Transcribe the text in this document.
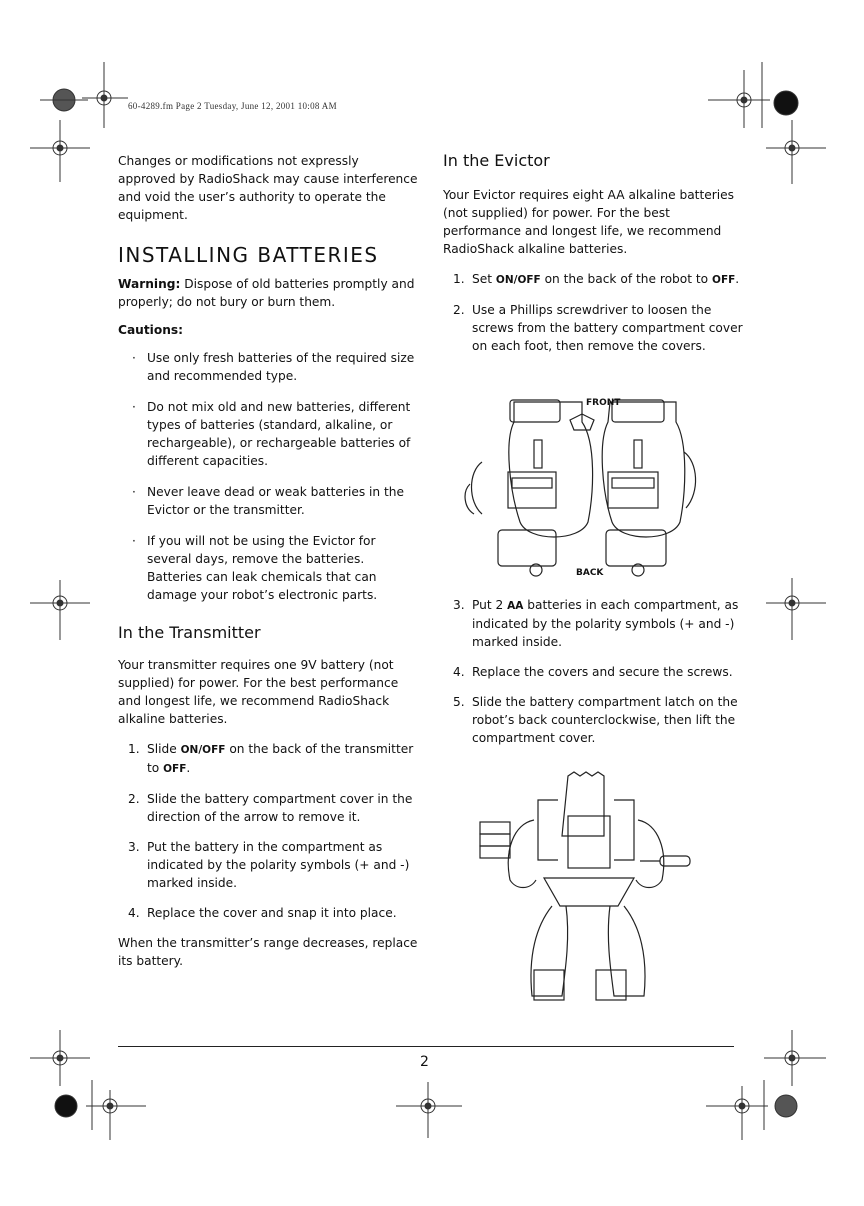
60-4289.fm Page 2 Tuesday, June 12, 2001 10:08 AM

Changes or modifications not expressly approved by RadioShack may cause interference and void the user’s authority to operate the equipment.

INSTALLING BATTERIES

Warning: Dispose of old batteries promptly and properly; do not bury or burn them.

Cautions:

· Use only fresh batteries of the required size and recommended type.
· Do not mix old and new batteries, different types of batteries (standard, alkaline, or rechargeable), or rechargeable batteries of different capacities.
· Never leave dead or weak batteries in the Evictor or the transmitter.
· If you will not be using the Evictor for several days, remove the batteries. Batteries can leak chemicals that can damage your robot’s electronic parts.
In the Transmitter

Your transmitter requires one 9V battery (not supplied) for power. For the best performance and longest life, we recommend RadioShack alkaline batteries.

1. Slide ON/OFF on the back of the transmitter to OFF.
2. Slide the battery compartment cover in the direction of the arrow to remove it.
3. Put the battery in the compartment as indicated by the polarity symbols (+ and -) marked inside.
4. Replace the cover and snap it into place.

When the transmitter’s range decreases, replace its battery.

In the Evictor

Your Evictor requires eight AA alkaline batteries (not supplied) for power. For the best performance and longest life, we recommend RadioShack alkaline batteries.

1. Set ON/OFF on the back of the robot to OFF.
2. Use a Phillips screwdriver to loosen the screws from the battery compartment cover on each foot, then remove the covers.
FRONT
BACK
3. Put 2 AA batteries in each compartment, as indicated by the polarity symbols (+ and -) marked inside.
4. Replace the covers and secure the screws.
5. Slide the battery compartment latch on the robot’s back counterclockwise, then lift the compartment cover.
2
